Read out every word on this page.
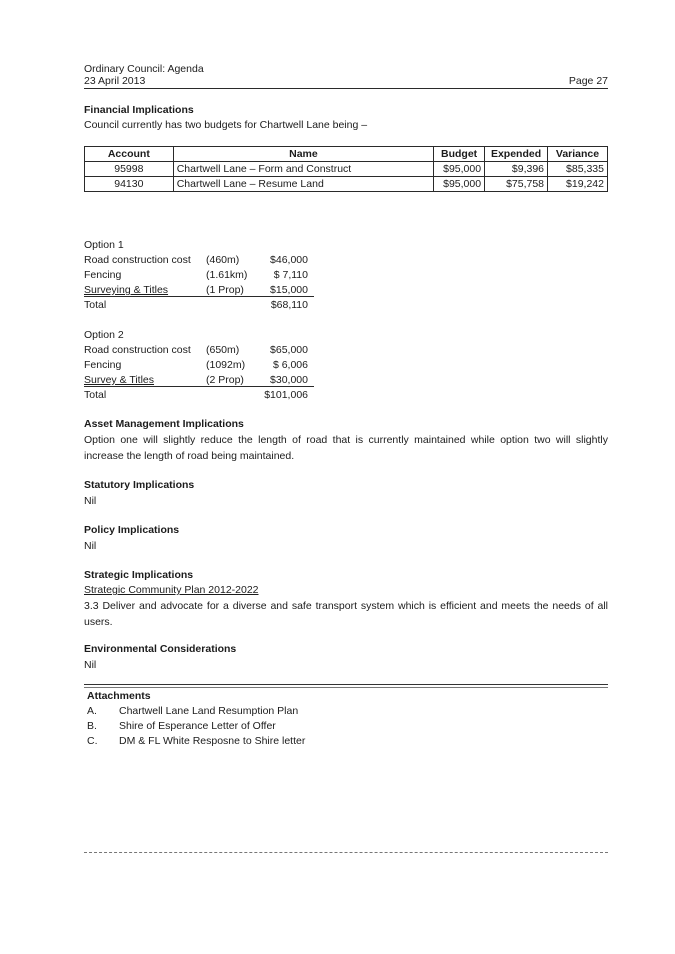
Ordinary Council: Agenda
23 April 2013	Page 27
Financial Implications
Council currently has two budgets for Chartwell Lane being –
Account	Name	Budget	Expended	Variance
95998	Chartwell Lane – Form and Construct	$95,000	$9,396	$85,335
94130	Chartwell Lane – Resume Land	$95,000	$75,758	$19,242
Option 1
Road construction cost (460m)	$46,000
Fencing	(1.61km)	$ 7,110
Surveying & Titles	(1 Prop) $15,000
Total	$68,110
Option 2
Road construction cost (650m)	$65,000
Fencing	(1092m)	$ 6,006
Survey & Titles	(2 Prop) $30,000
Total	$101,006
Asset Management Implications
Option one will slightly reduce the length of road that is currently maintained while option two will slightly increase the length of road being maintained.
Statutory Implications
Nil
Policy Implications
Nil
Strategic Implications
Strategic Community Plan 2012-2022
3.3 Deliver and advocate for a diverse and safe transport system which is efficient and meets the needs of all users.
Environmental Considerations
Nil
Attachments
A. Chartwell Lane Land Resumption Plan
B. Shire of Esperance Letter of Offer
C. DM & FL White Resposne to Shire letter
